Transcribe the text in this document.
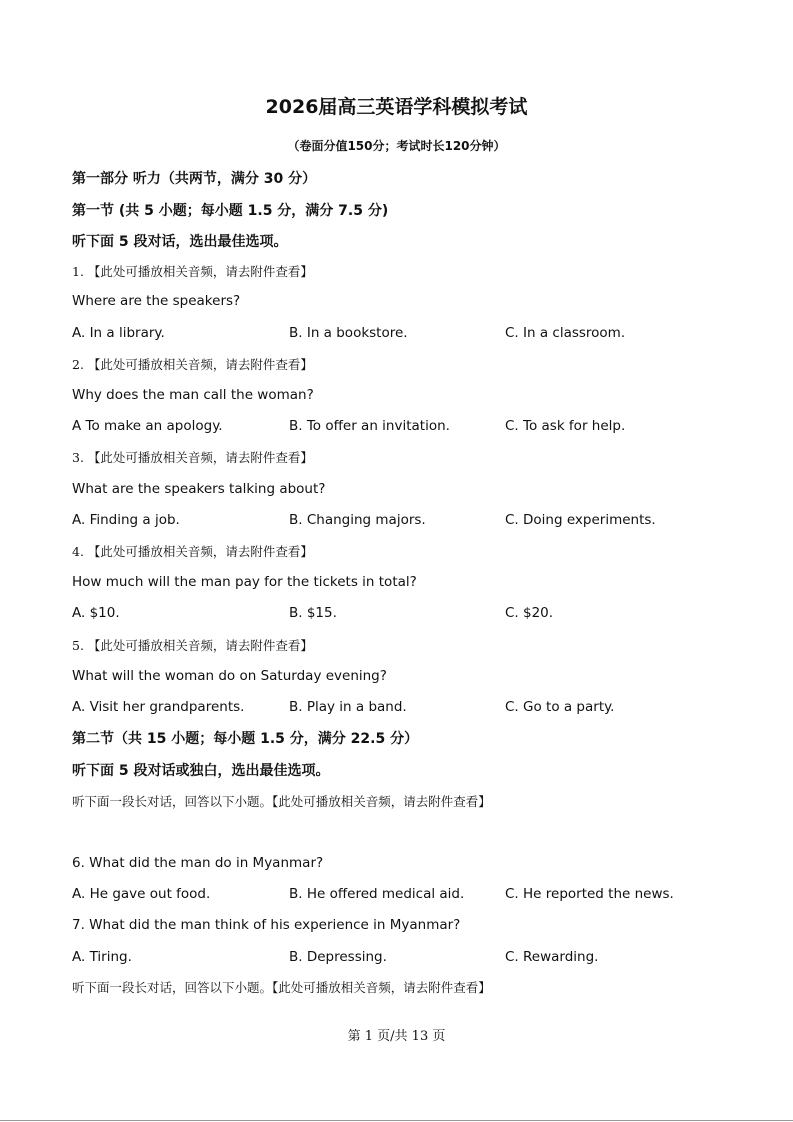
2026届高三英语学科模拟考试
（卷面分值150分；考试时长120分钟）
第一部分 听力（共两节，满分 30 分）
第一节 (共 5 小题；每小题 1.5 分，满分 7.5 分)
听下面 5 段对话，选出最佳选项。
1. 【此处可播放相关音频，请去附件查看】
Where are the speakers?
A. In a library.	B. In a bookstore.	C. In a classroom.
2. 【此处可播放相关音频，请去附件查看】
Why does the man call the woman?
A To make an apology.	B. To offer an invitation.	C. To ask for help.
3. 【此处可播放相关音频，请去附件查看】
What are the speakers talking about?
A. Finding a job.	B. Changing majors.	C. Doing experiments.
4. 【此处可播放相关音频，请去附件查看】
How much will the man pay for the tickets in total?
A. $10.	B. $15.	C. $20.
5. 【此处可播放相关音频，请去附件查看】
What will the woman do on Saturday evening?
A. Visit her grandparents.	B. Play in a band.	C. Go to a party.
第二节（共 15 小题；每小题 1.5 分，满分 22.5 分）
听下面 5 段对话或独白，选出最佳选项。
听下面一段长对话，回答以下小题。【此处可播放相关音频，请去附件查看】
6. What did the man do in Myanmar?
A. He gave out food.	B. He offered medical aid.	C. He reported the news.
7. What did the man think of his experience in Myanmar?
A. Tiring.	B. Depressing.	C. Rewarding.
听下面一段长对话，回答以下小题。【此处可播放相关音频，请去附件查看】
第 1 页/共 13 页
